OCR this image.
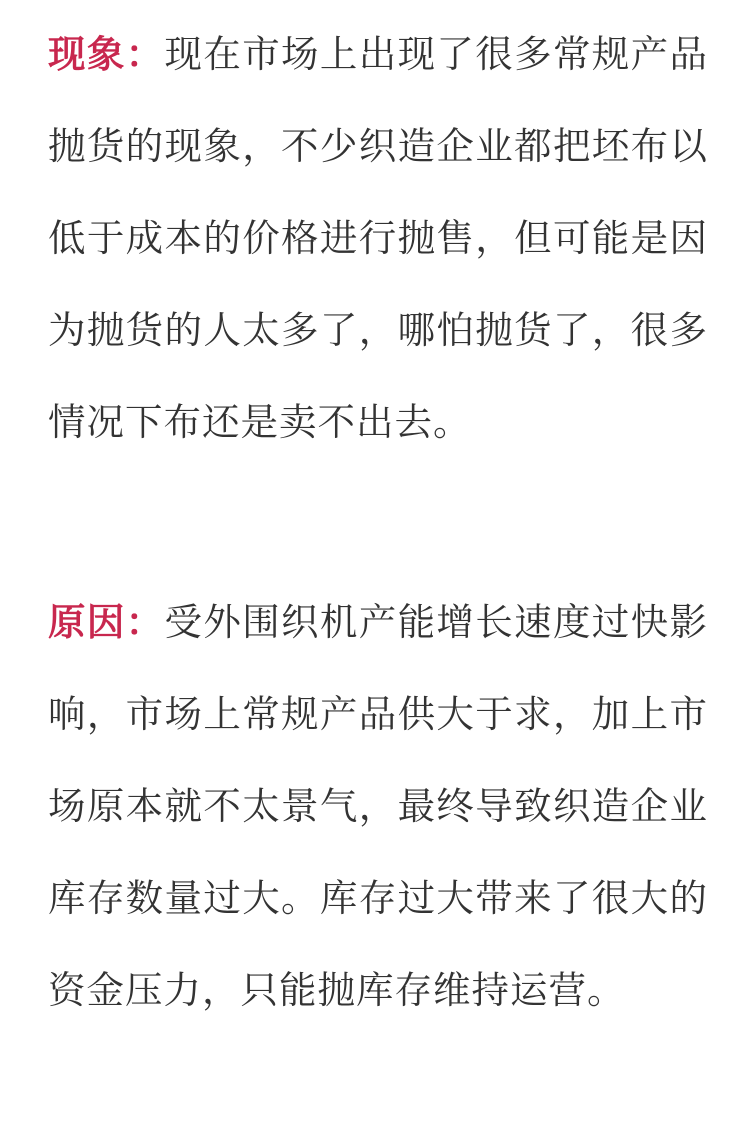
现象：现在市场上出现了很多常规产品抛货的现象，不少织造企业都把坯布以低于成本的价格进行抛售，但可能是因为抛货的人太多了，哪怕抛货了，很多情况下布还是卖不出去。

原因：受外围织机产能增长速度过快影响，市场上常规产品供大于求，加上市场原本就不太景气，最终导致织造企业库存数量过大。库存过大带来了很大的资金压力，只能抛库存维持运营。
